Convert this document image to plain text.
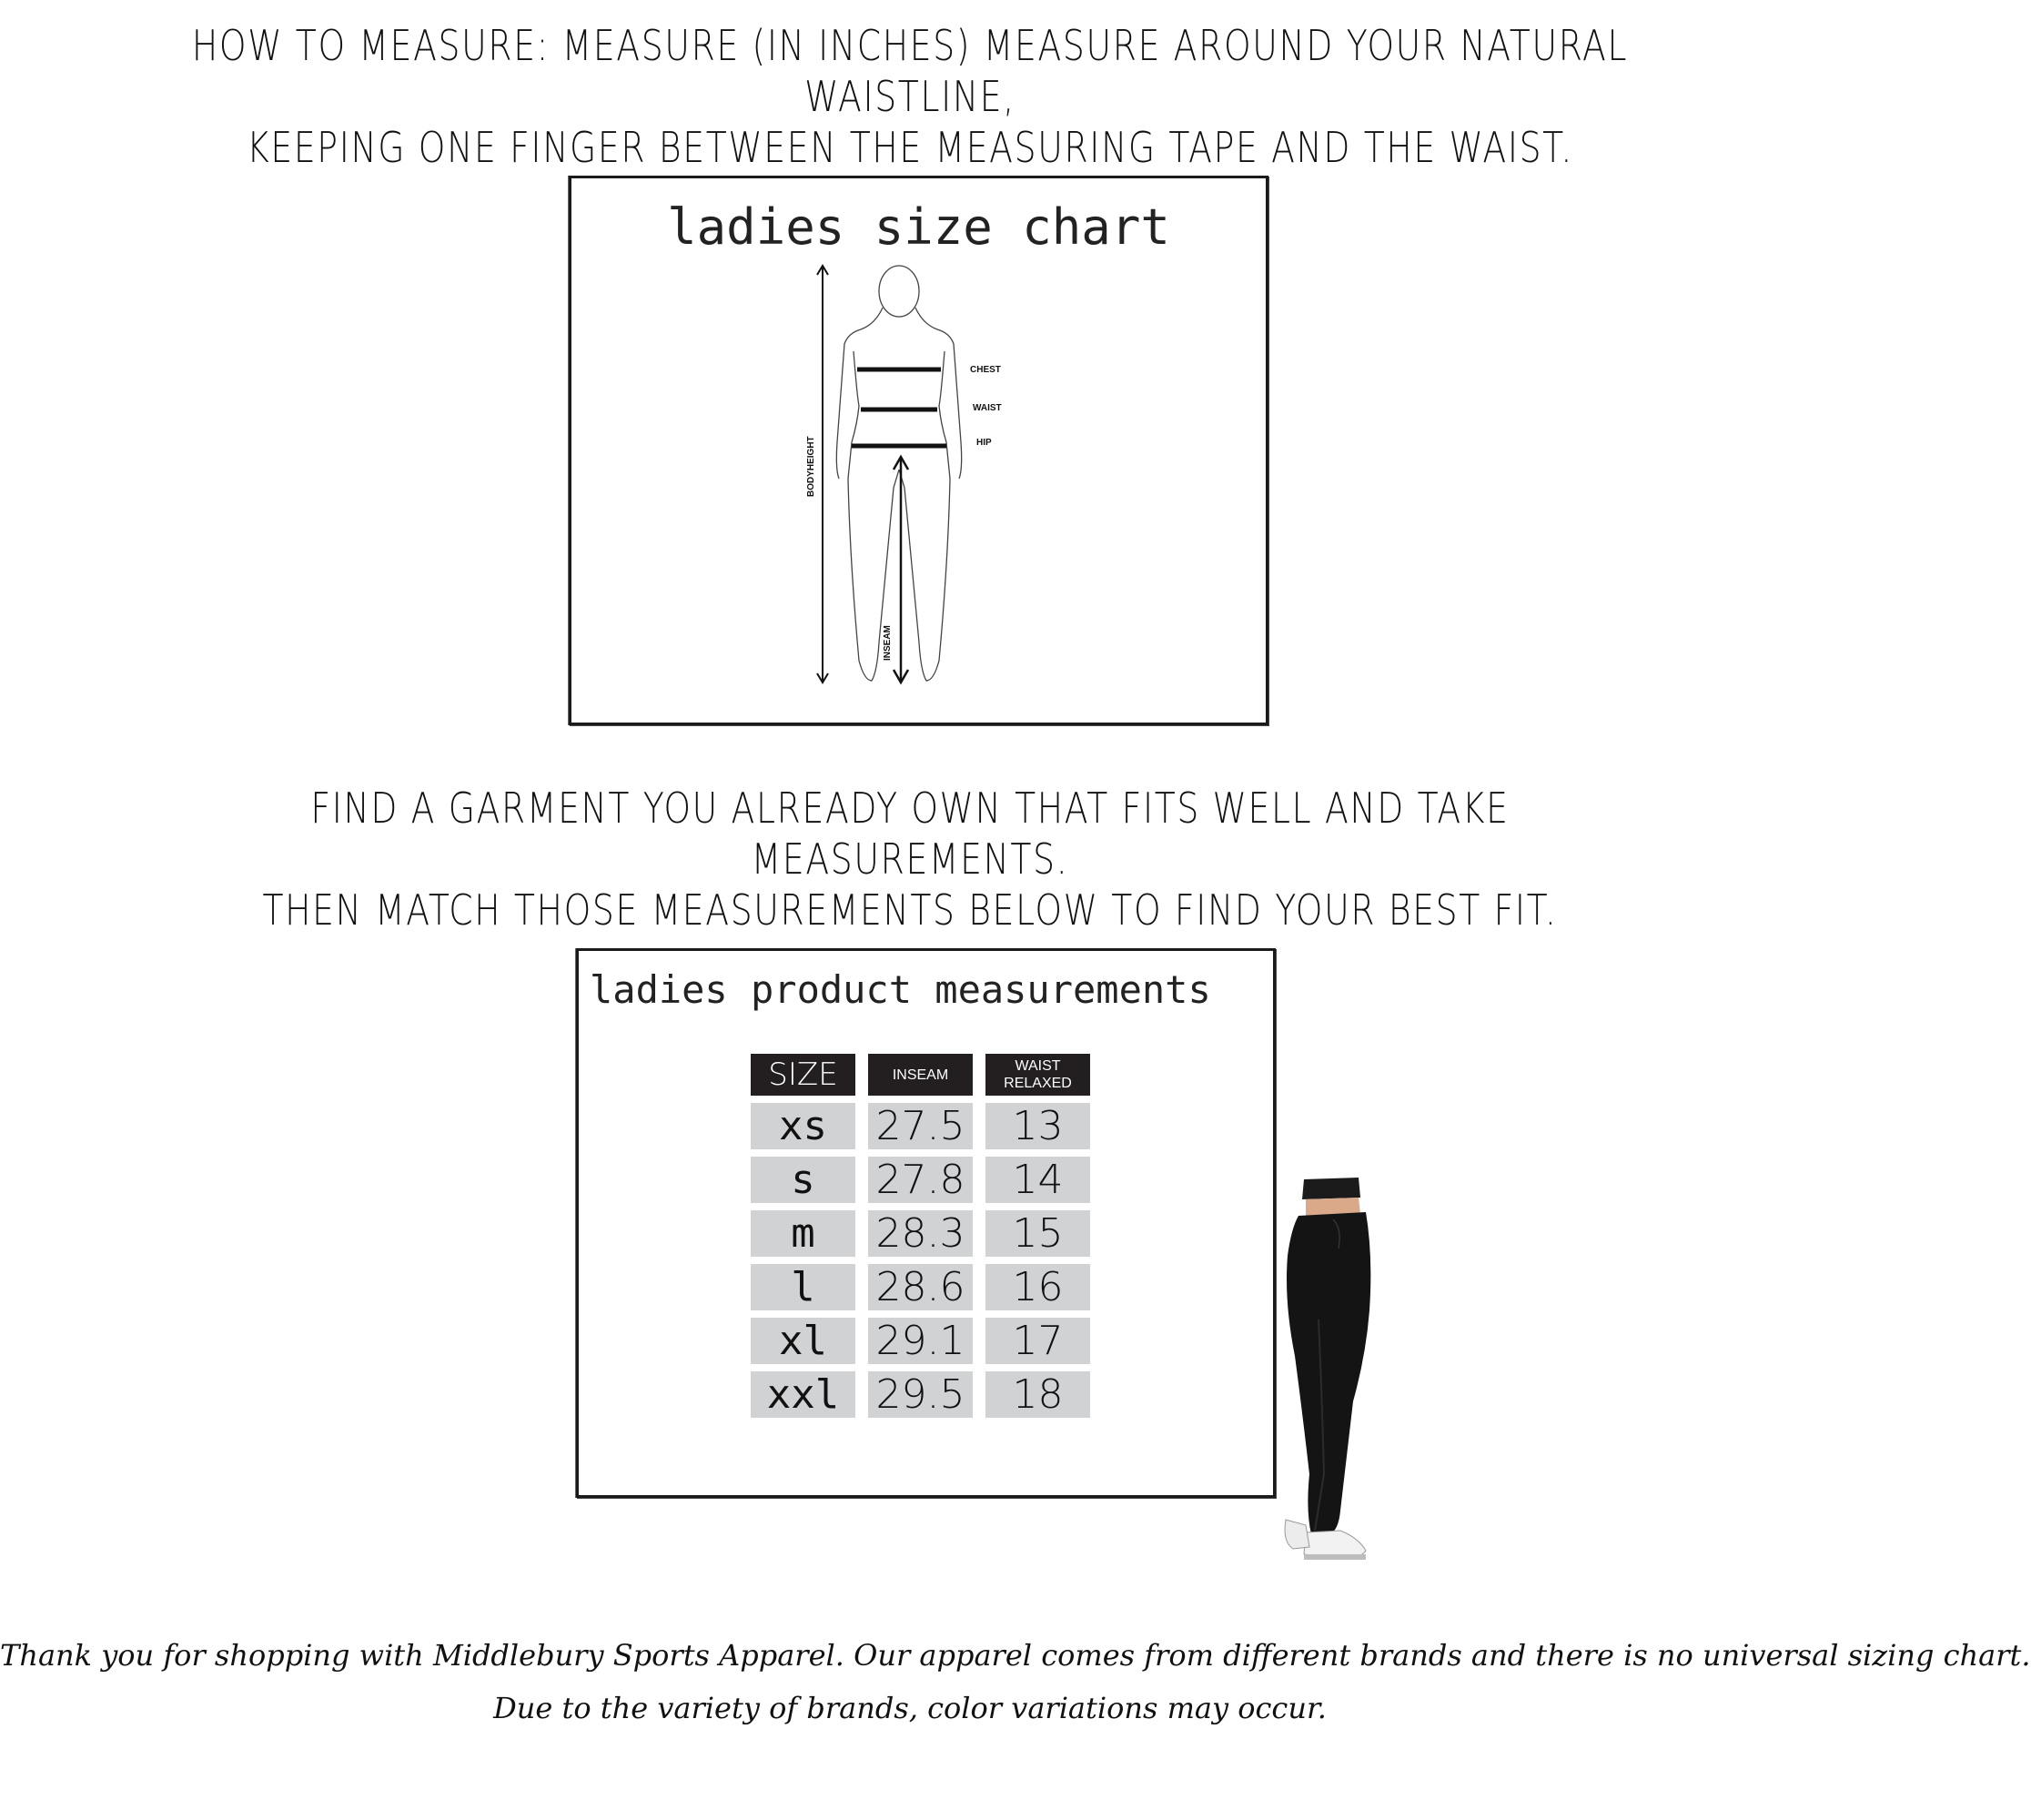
HOW TO MEASURE: MEASURE (IN INCHES) MEASURE AROUND YOUR NATURAL WAISTLINE,
KEEPING ONE FINGER BETWEEN THE MEASURING TAPE AND THE WAIST.
ladies size chart
CHEST
WAIST
HIP
BODYHEIGHT
INSEAM
FIND A GARMENT YOU ALREADY OWN THAT FITS WELL AND TAKE MEASUREMENTS.
THEN MATCH THOSE MEASUREMENTS BELOW TO FIND YOUR BEST FIT.
ladies product measurements
SIZE	INSEAM	WAIST
RELAXED

xs	27.5	13
s	27.8	14
m	28.3	15
l	28.6	16
xl	29.1	17
xxl	29.5	18
Thank you for shopping with Middlebury Sports Apparel. Our apparel comes from different brands and there is no universal sizing chart.
Due to the variety of brands, color variations may occur.
